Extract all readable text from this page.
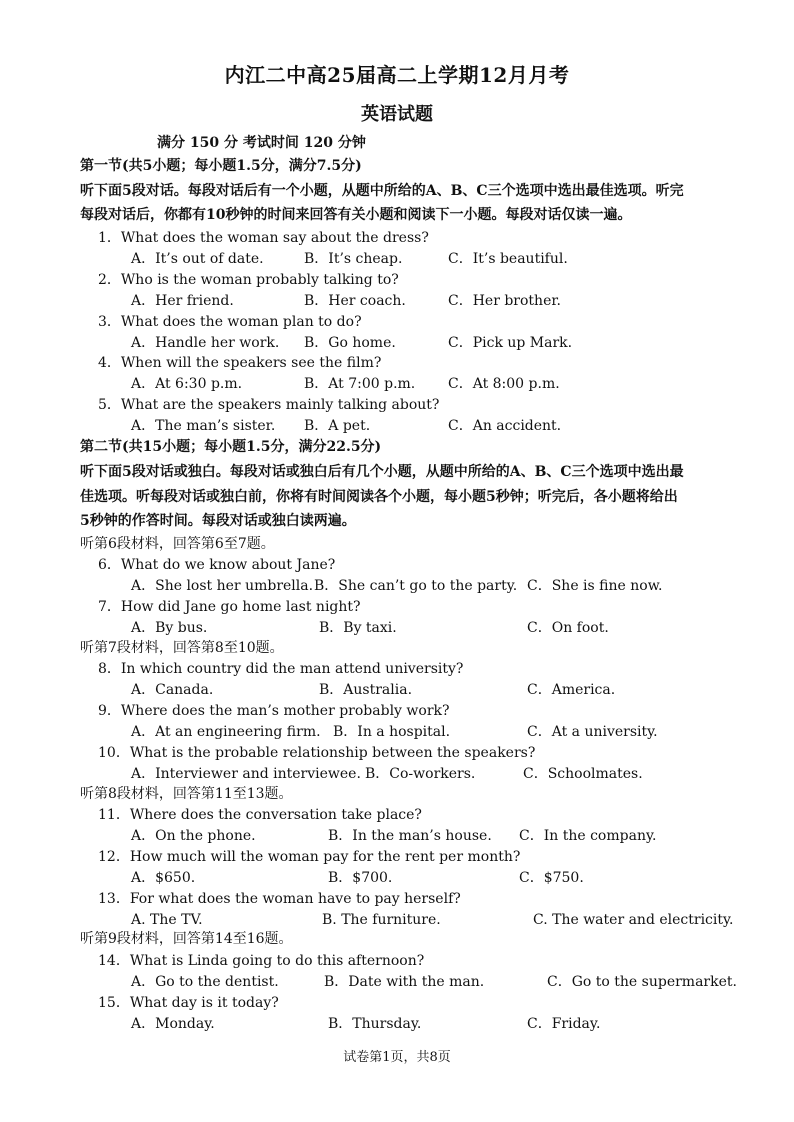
内江二中高25届高二上学期12月月考
英语试题
满分 150 分 考试时间 120 分钟
第一节(共5小题；每小题1.5分，满分7.5分)
听下面5段对话。每段对话后有一个小题，从题中所给的A、B、C三个选项中选出最佳选项。听完
每段对话后，你都有10秒钟的时间来回答有关小题和阅读下一小题。每段对话仅读一遍。
第二节(共15小题；每小题1.5分，满分22.5分)
听下面5段对话或独白。每段对话或独白后有几个小题，从题中所给的A、B、C三个选项中选出最
佳选项。听每段对话或独白前，你将有时间阅读各个小题，每小题5秒钟；听完后，各小题将给出
5秒钟的作答时间。每段对话或独白读两遍。
听第6段材料，回答第6至7题。
听第7段材料，回答第8至10题。
听第8段材料，回答第11至13题。
听第9段材料，回答第14至16题。
1．What does the woman say about the dress?
A．It’s out of date.	B．It’s cheap.	C．It’s beautiful.
2．Who is the woman probably talking to?
A．Her friend.	B．Her coach.	C．Her brother.
3．What does the woman plan to do?
A．Handle her work. B．Go home.	C．Pick up Mark.
4．When will the speakers see the film?
A．At 6:30 p.m.	B．At 7:00 p.m. C．At 8:00 p.m.
5．What are the speakers mainly talking about?
A．The man’s sister. B．A pet.	C．An accident.
6．What do we know about Jane?
A．She lost her umbrella. B．She can’t go to the party. C．She is fine now.
7．How did Jane go home last night?
A．By bus.	B．By taxi.	C．On foot.
8．In which country did the man attend university?
A．Canada.	B．Australia.	C．America.
9．Where does the man’s mother probably work?
A．At an engineering firm. B．In a hospital.	C．At a university.
10．What is the probable relationship between the speakers?
A．Interviewer and interviewee. B．Co-workers.	C．Schoolmates.
11．Where does the conversation take place?
A．On the phone.	B．In the man’s house. C．In the company.
12．How much will the woman pay for the rent per month?
A．$650.	B．$700.	C．$750.
13．For what does the woman have to pay herself?
A. The TV.	B. The furniture.	C. The water and electricity.
14．What is Linda going to do this afternoon?
A．Go to the dentist.	B．Date with the man.	C．Go to the supermarket.
15．What day is it today?
A．Monday.	B．Thursday.	C．Friday.
试卷第1页，共8页
